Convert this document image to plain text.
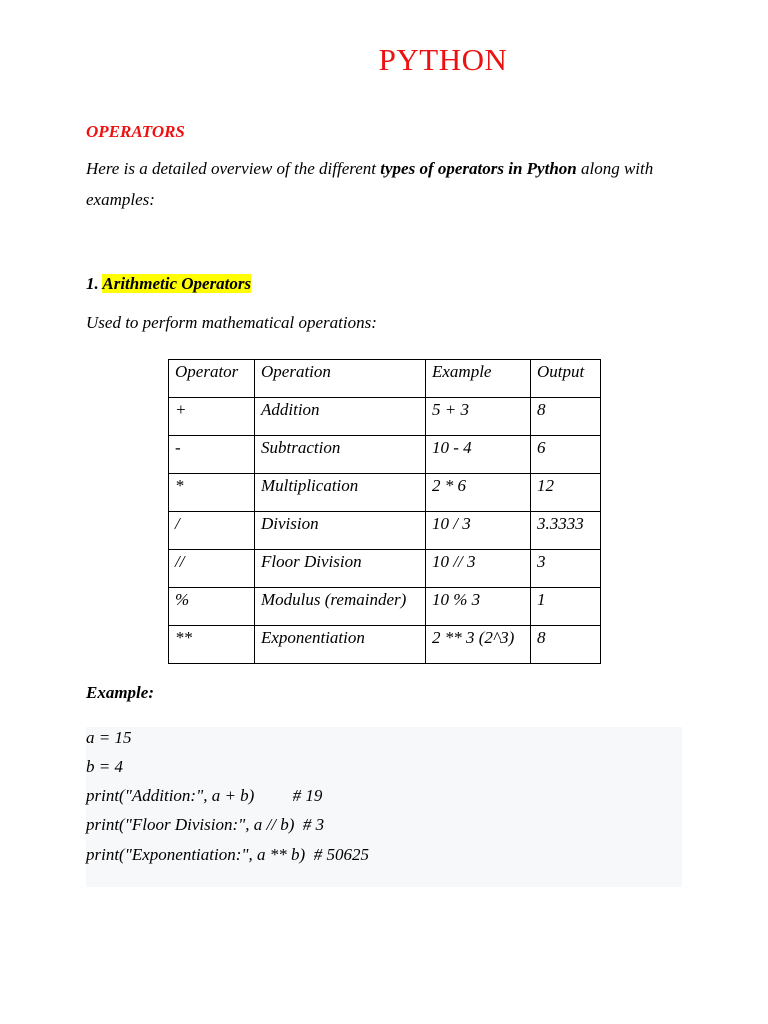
PYTHON
OPERATORS
Here is a detailed overview of the different types of operators in Python along with examples:
1. Arithmetic Operators
Used to perform mathematical operations:
Operator	Operation	Example	Output
+	Addition	5 + 3	8
-	Subtraction	10 - 4	6
*	Multiplication	2 * 6	12
/	Division	10 / 3	3.3333
//	Floor Division	10 // 3	3
%	Modulus (remainder)	10 % 3	1
**	Exponentiation	2 ** 3 (2^3)	8
Example:
a = 15
b = 4
print("Addition:", a + b)         # 19
print("Floor Division:", a // b)  # 3
print("Exponentiation:", a ** b)  # 50625
